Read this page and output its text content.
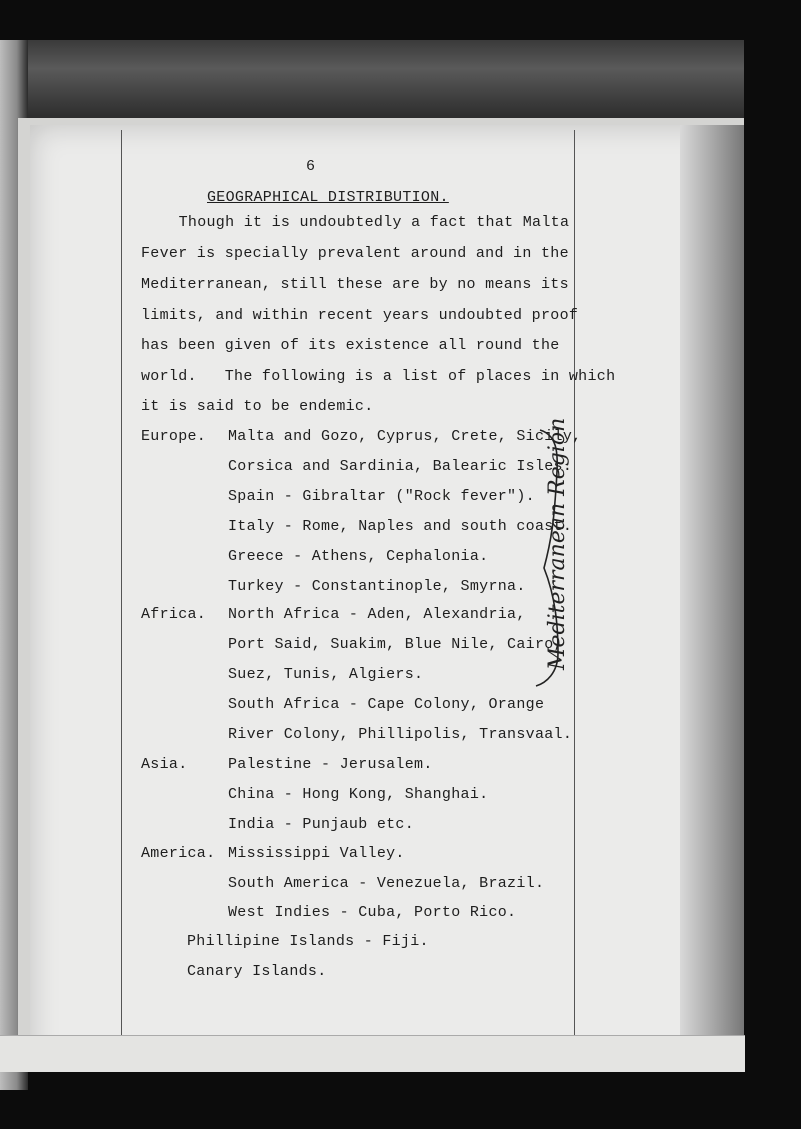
6
GEOGRAPHICAL DISTRIBUTION.
Though it is undoubtedly a fact that Malta
Fever is specially prevalent around and in the
Mediterranean, still these are by no means its
limits, and within recent years undoubted proof
has been given of its existence all round the
world.   The following is a list of places in which
it is said to be endemic.
Europe. Malta and Gozo, Cyprus, Crete, Sicily,
Corsica and Sardinia, Balearic Isles.
Spain - Gibraltar ("Rock fever").
Italy - Rome, Naples and south coast.
Greece - Athens, Cephalonia.
Turkey - Constantinople, Smyrna.
Africa. North Africa - Aden, Alexandria,
Port Said, Suakim, Blue Nile, Cairo,
Suez, Tunis, Algiers.
South Africa - Cape Colony, Orange
River Colony, Phillipolis, Transvaal.
Asia.	Palestine - Jerusalem.
China - Hong Kong, Shanghai.
India - Punjaub etc.
America. Mississippi Valley.
South America - Venezuela, Brazil.
West Indies - Cuba, Porto Rico.
Phillipine Islands - Fiji.
Canary Islands.
Mediterranean Region
